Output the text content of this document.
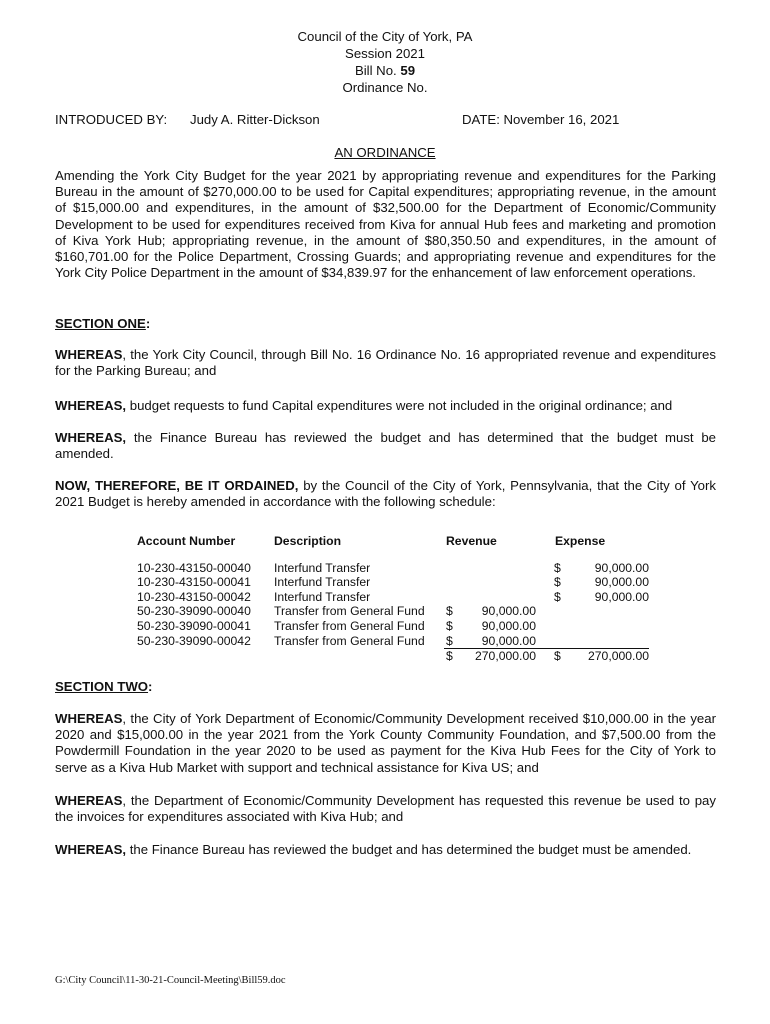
Council of the City of York, PA
Session 2021
Bill No. 59
Ordinance No.
INTRODUCED BY: Judy A. Ritter-Dickson	DATE: November 16, 2021
AN ORDINANCE
Amending the York City Budget for the year 2021 by appropriating revenue and expenditures for the Parking Bureau in the amount of $270,000.00 to be used for Capital expenditures; appropriating revenue, in the amount of $15,000.00 and expenditures, in the amount of $32,500.00 for the Department of Economic/Community Development to be used for expenditures received from Kiva for annual Hub fees and marketing and promotion of Kiva York Hub; appropriating revenue, in the amount of $80,350.50 and expenditures, in the amount of $160,701.00 for the Police Department, Crossing Guards; and appropriating revenue and expenditures for the York City Police Department in the amount of $34,839.97 for the enhancement of law enforcement operations.
SECTION ONE:
WHEREAS, the York City Council, through Bill No. 16 Ordinance No. 16 appropriated revenue and expenditures for the Parking Bureau; and
WHEREAS, budget requests to fund Capital expenditures were not included in the original ordinance; and
WHEREAS, the Finance Bureau has reviewed the budget and has determined that the budget must be amended.
NOW, THEREFORE, BE IT ORDAINED, by the Council of the City of York, Pennsylvania, that the City of York 2021 Budget is hereby amended in accordance with the following schedule:
Account Number	Description	Revenue	Expense
10-230-43150-00040	Interfund Transfer		$ 90,000.00

10-230-43150-00041	Interfund Transfer		$ 90,000.00

10-230-43150-00042	Interfund Transfer		$ 90,000.00

50-230-39090-00040	Transfer from General Fund	$ 90,000.00	

50-230-39090-00041	Transfer from General Fund	$ 90,000.00	

50-230-39090-00042	Transfer from General Fund	$ 90,000.00	

		$ 270,000.00	$ 270,000.00
SECTION TWO:
WHEREAS, the City of York Department of Economic/Community Development received $10,000.00 in the year 2020 and $15,000.00 in the year 2021 from the York County Community Foundation, and $7,500.00 from the Powdermill Foundation in the year 2020 to be used as payment for the Kiva Hub Fees for the City of York to serve as a Kiva Hub Market with support and technical assistance for Kiva US; and
WHEREAS, the Department of Economic/Community Development has requested this revenue be used to pay the invoices for expenditures associated with Kiva Hub; and
WHEREAS, the Finance Bureau has reviewed the budget and has determined the budget must be amended.
G:\City Council\11-30-21-Council-Meeting\Bill59.doc
